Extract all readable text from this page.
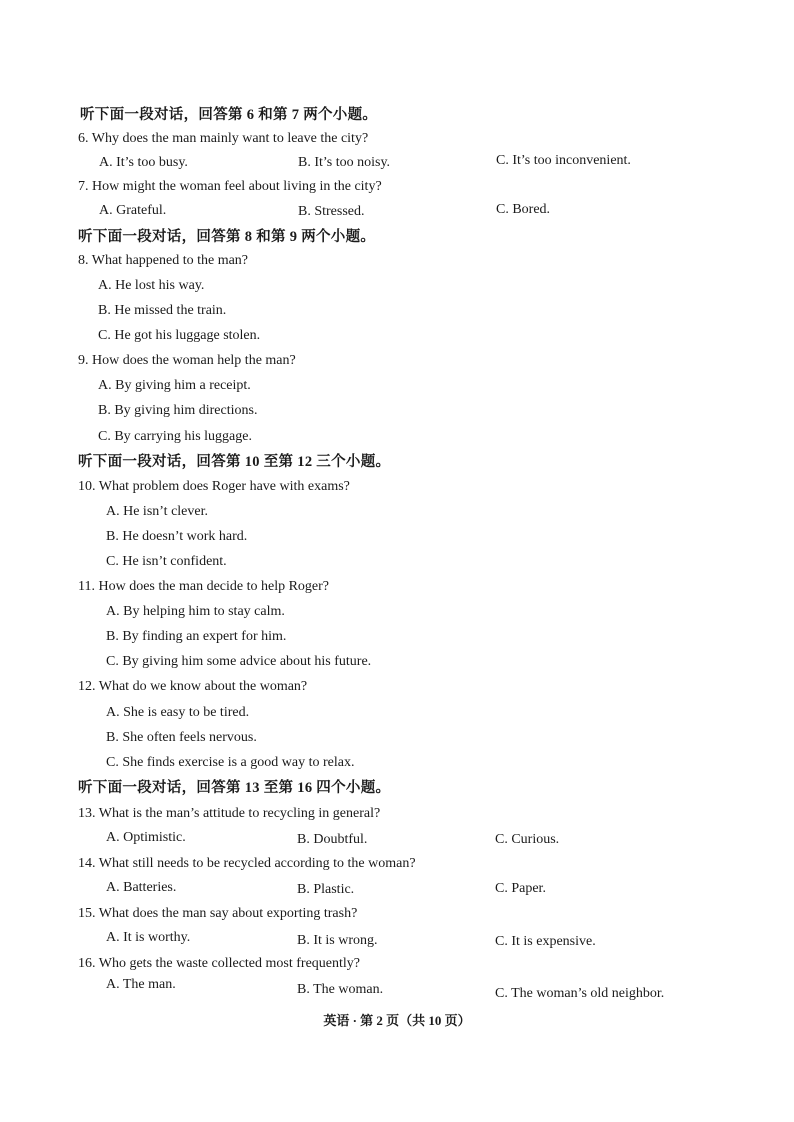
听下面一段对话，回答第 6 和第 7 两个小题。
6. Why does the man mainly want to leave the city?
A. It’s too busy.	B. It’s too noisy.	C. It’s too inconvenient.
7. How might the woman feel about living in the city?
A. Grateful.	B. Stressed.	C. Bored.
听下面一段对话，回答第 8 和第 9 两个小题。
8. What happened to the man?
A. He lost his way.
B. He missed the train.
C. He got his luggage stolen.
9. How does the woman help the man?
A. By giving him a receipt.
B. By giving him directions.
C. By carrying his luggage.
听下面一段对话，回答第 10 至第 12 三个小题。
10. What problem does Roger have with exams?
A. He isn’t clever.
B. He doesn’t work hard.
C. He isn’t confident.
11. How does the man decide to help Roger?
A. By helping him to stay calm.
B. By finding an expert for him.
C. By giving him some advice about his future.
12. What do we know about the woman?
A. She is easy to be tired.
B. She often feels nervous.
C. She finds exercise is a good way to relax.
听下面一段对话，回答第 13 至第 16 四个小题。
13. What is the man’s attitude to recycling in general?
A. Optimistic.	B. Doubtful.	C. Curious.
14. What still needs to be recycled according to the woman?
A. Batteries.	B. Plastic.	C. Paper.
15. What does the man say about exporting trash?
A. It is worthy.	B. It is wrong.	C. It is expensive.
16. Who gets the waste collected most frequently?
A. The man.	B. The woman.	C. The woman’s old neighbor.
英语 · 第 2 页（共 10 页）
